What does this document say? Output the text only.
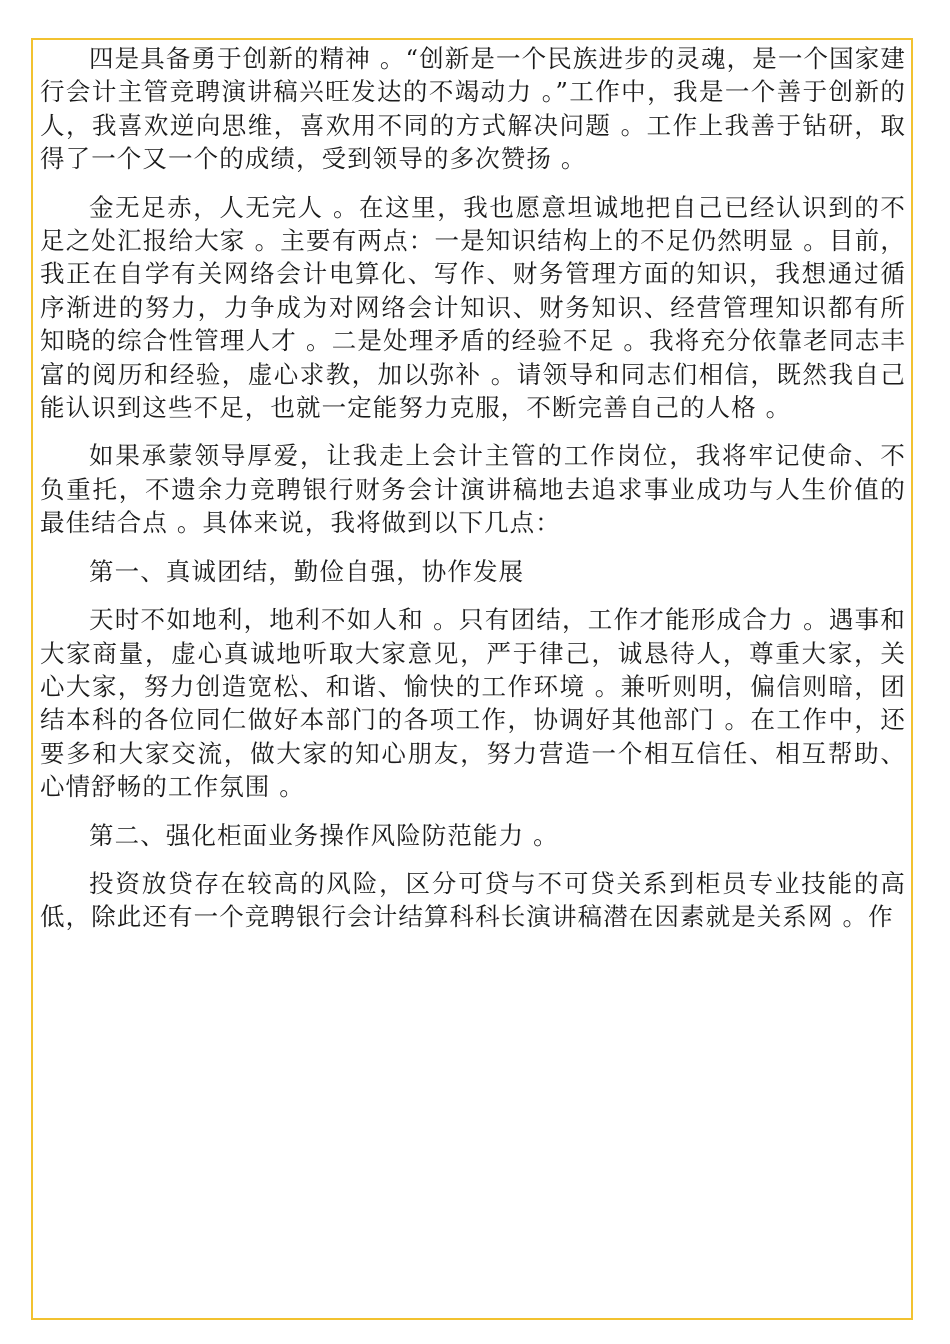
四是具备勇于创新的精神 。“创新是一个民族进步的灵魂，是一个国家建行会计主管竞聘演讲稿兴旺发达的不竭动力 。”工作中，我是一个善于创新的人，我喜欢逆向思维，喜欢用不同的方式解决问题 。工作上我善于钻研，取得了一个又一个的成绩，受到领导的多次赞扬 。

金无足赤，人无完人 。在这里，我也愿意坦诚地把自己已经认识到的不足之处汇报给大家 。主要有两点：一是知识结构上的不足仍然明显 。目前，我正在自学有关网络会计电算化、写作、财务管理方面的知识，我想通过循序渐进的努力，力争成为对网络会计知识、财务知识、经营管理知识都有所知晓的综合性管理人才 。二是处理矛盾的经验不足 。我将充分依靠老同志丰富的阅历和经验，虚心求教，加以弥补 。请领导和同志们相信，既然我自己能认识到这些不足，也就一定能努力克服，不断完善自己的人格 。

如果承蒙领导厚爱，让我走上会计主管的工作岗位，我将牢记使命、不负重托，不遗余力竞聘银行财务会计演讲稿地去追求事业成功与人生价值的最佳结合点 。具体来说，我将做到以下几点：

第一、真诚团结，勤俭自强，协作发展

天时不如地利，地利不如人和 。只有团结，工作才能形成合力 。遇事和大家商量，虚心真诚地听取大家意见，严于律己，诚恳待人，尊重大家，关心大家，努力创造宽松、和谐、愉快的工作环境 。兼听则明，偏信则暗，团结本科的各位同仁做好本部门的各项工作，协调好其他部门 。在工作中，还要多和大家交流，做大家的知心朋友，努力营造一个相互信任、相互帮助、心情舒畅的工作氛围 。

第二、强化柜面业务操作风险防范能力 。

投资放贷存在较高的风险，区分可贷与不可贷关系到柜员专业技能的高低，除此还有一个竞聘银行会计结算科科长演讲稿潜在因素就是关系网 。作
